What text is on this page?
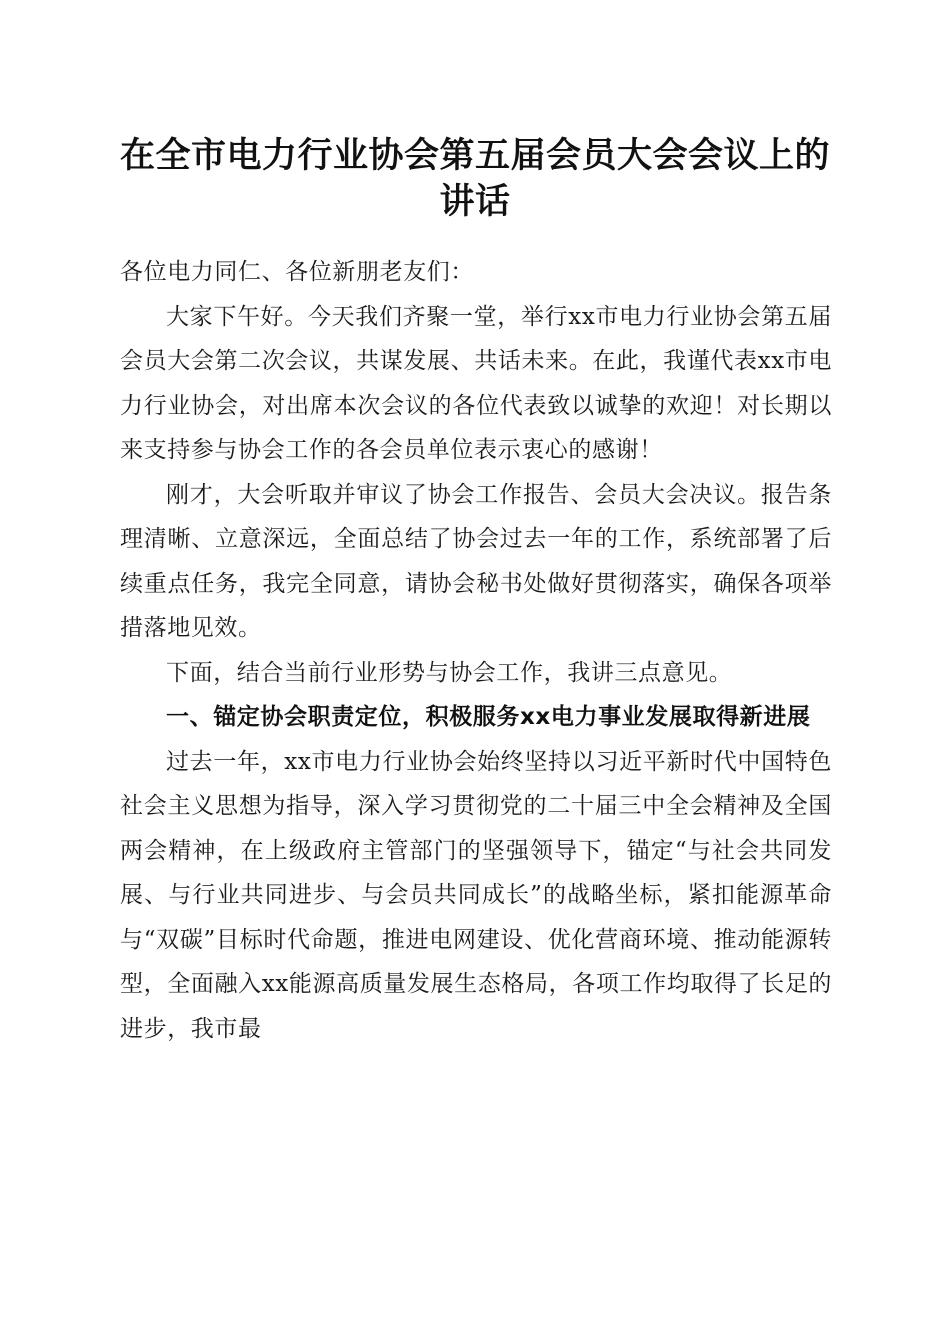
在全市电力行业协会第五届会员大会会议上的
讲话

各位电力同仁、各位新朋老友们：

大家下午好。今天我们齐聚一堂，举行xx市电力行业协会第五届会员大会第二次会议，共谋发展、共话未来。在此，我谨代表xx市电力行业协会，对出席本次会议的各位代表致以诚挚的欢迎！对长期以来支持参与协会工作的各会员单位表示衷心的感谢！

刚才，大会听取并审议了协会工作报告、会员大会决议。报告条理清晰、立意深远，全面总结了协会过去一年的工作，系统部署了后续重点任务，我完全同意，请协会秘书处做好贯彻落实，确保各项举措落地见效。

下面，结合当前行业形势与协会工作，我讲三点意见。

一、锚定协会职责定位，积极服务xx电力事业发展取得新进展

过去一年，xx市电力行业协会始终坚持以习近平新时代中国特色社会主义思想为指导，深入学习贯彻党的二十届三中全会精神及全国两会精神，在上级政府主管部门的坚强领导下，锚定“与社会共同发展、与行业共同进步、与会员共同成长”的战略坐标，紧扣能源革命与“双碳”目标时代命题，推进电网建设、优化营商环境、推动能源转型，全面融入xx能源高质量发展生态格局，各项工作均取得了长足的进步，我市最
